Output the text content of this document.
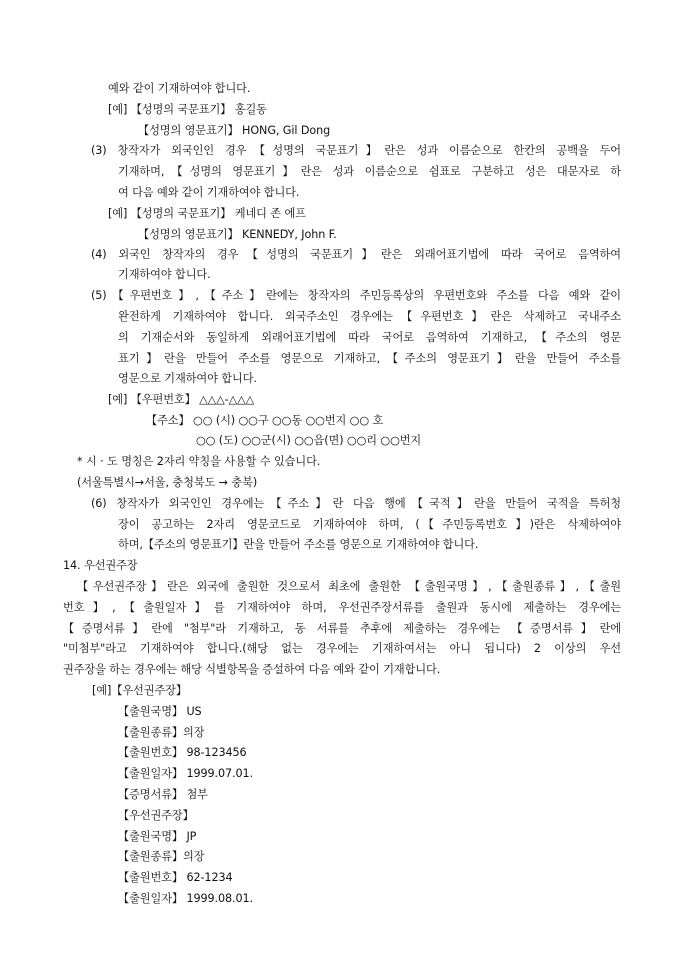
예와 같이 기재하여야 합니다.
[예] 【성명의 국문표기】 홍길동
【성명의 영문표기】 HONG, Gil Dong
(3) 창작자가 외국인인 경우【성명의 국문표기】란은 성과 이름순으로 한칸의 공백을 두어
기재하며,【성명의 영문표기】란은 성과 이름순으로 쉼표로 구분하고 성은 대문자로 하
여 다음 예와 같이 기재하여야 합니다.
[예] 【성명의 국문표기】 케네디 존 에프
【성명의 영문표기】 KENNEDY, John F.
(4) 외국인 창작자의 경우【성명의 국문표기】란은 외래어표기법에 따라 국어로 음역하여
기재하여야 합니다.
(5)【우편번호】,【주소】란에는 창작자의 주민등록상의 우편번호와 주소를 다음 예와 같이
완전하게 기재하여야 합니다. 외국주소인 경우에는【우편번호】란은 삭제하고 국내주소
의 기재순서와 동일하게 외래어표기법에 따라 국어로 음역하여 기재하고,【주소의 영문
표기】란을 만들어 주소를 영문으로 기재하고,【주소의 영문표기】란을 만들어 주소를
영문으로 기재하여야 합니다.
[예] 【우편번호】 △△△-△△△
【주소】 ○○ (시) ○○구 ○○동 ○○번지 ○○ 호
○○ (도) ○○군(시) ○○읍(면) ○○리 ○○번지
* 시 · 도 명칭은 2자리 약칭을 사용할 수 있습니다.
(서울특별시→서울, 충청북도 → 충북)
(6) 창작자가 외국인인 경우에는【주소】란 다음 행에【국적】란을 만들어 국적을 특허청
장이 공고하는 2자리 영문코드로 기재하여야 하며, (【주민등록번호】)란은 삭제하여야
하며,【주소의 영문표기】란을 만들어 주소를 영문으로 기재하여야 합니다.
14. 우선권주장
【우선권주장】란은 외국에 출원한 것으로서 최초에 출원한 【출원국명】,【출원종류】,【출원
번호】,【출원일자】를 기재하여야 하며, 우선권주장서류를 출원과 동시에 제출하는 경우에는
【증명서류】란에 "첨부"라 기재하고, 동 서류를 추후에 제출하는 경우에는 【증명서류】란에
"미첨부"라고 기재하여야 합니다.(해당 없는 경우에는 기재하여서는 아니 됩니다) 2 이상의 우선
권주장을 하는 경우에는 해당 식별항목을 증설하여 다음 예와 같이 기재합니다.
[예]【우선권주장】
【출원국명】 US
【출원종류】의장
【출원번호】 98-123456
【출원일자】 1999.07.01.
【증명서류】 첨부
【우선권주장】
【출원국명】 JP
【출원종류】의장
【출원번호】 62-1234
【출원일자】 1999.08.01.
